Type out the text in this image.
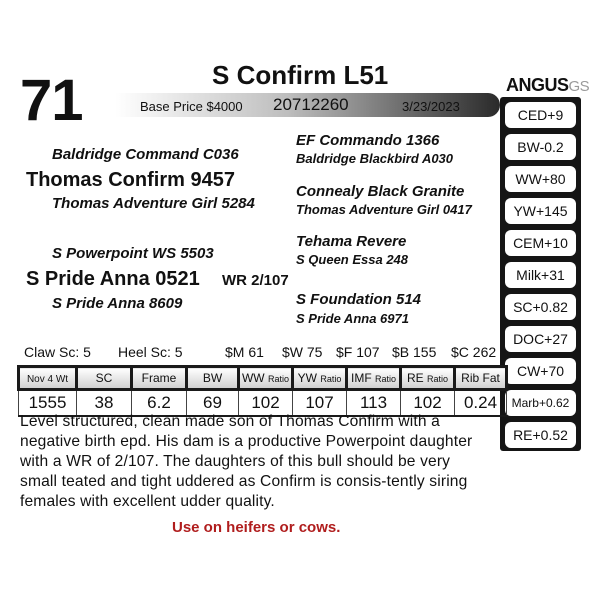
71	S Confirm L51
Base Price $4000 20712260	3/23/2023
Baldridge Command C036
Thomas Confirm 9457
Thomas Adventure Girl 5284
S Powerpoint WS 5503
S Pride Anna 0521 WR 2/107
S Pride Anna 8609
EF Commando 1366
Baldridge Blackbird A030
Connealy Black Granite
Thomas Adventure Girl 0417
Tehama Revere
S Queen Essa 248
S Foundation 514
S Pride Anna 6971
ANGUSGS
CED+9
BW-0.2
WW+80
YW+145
CEM+10
Milk+31
SC+0.82
DOC+27
CW+70
Marb+0.62
RE+0.52
Claw Sc: 5 Heel Sc: 5	$M 61 $W 75 $F 107 $B 155 $C 262
Nov 4 Wt	SC	Frame	BW	WW Ratio	YW Ratio	IMF Ratio	RE Ratio	Rib Fat
1555	38	6.2	69	102	107	113	102	0.24
Level structured, clean made son of Thomas Confirm with a negative birth epd. His dam is a productive Powerpoint daughter with a WR of 2/107. The daughters of this bull should be very small teated and tight uddered as Confirm is consis-tently siring females with excellent udder quality.
Use on heifers or cows.
